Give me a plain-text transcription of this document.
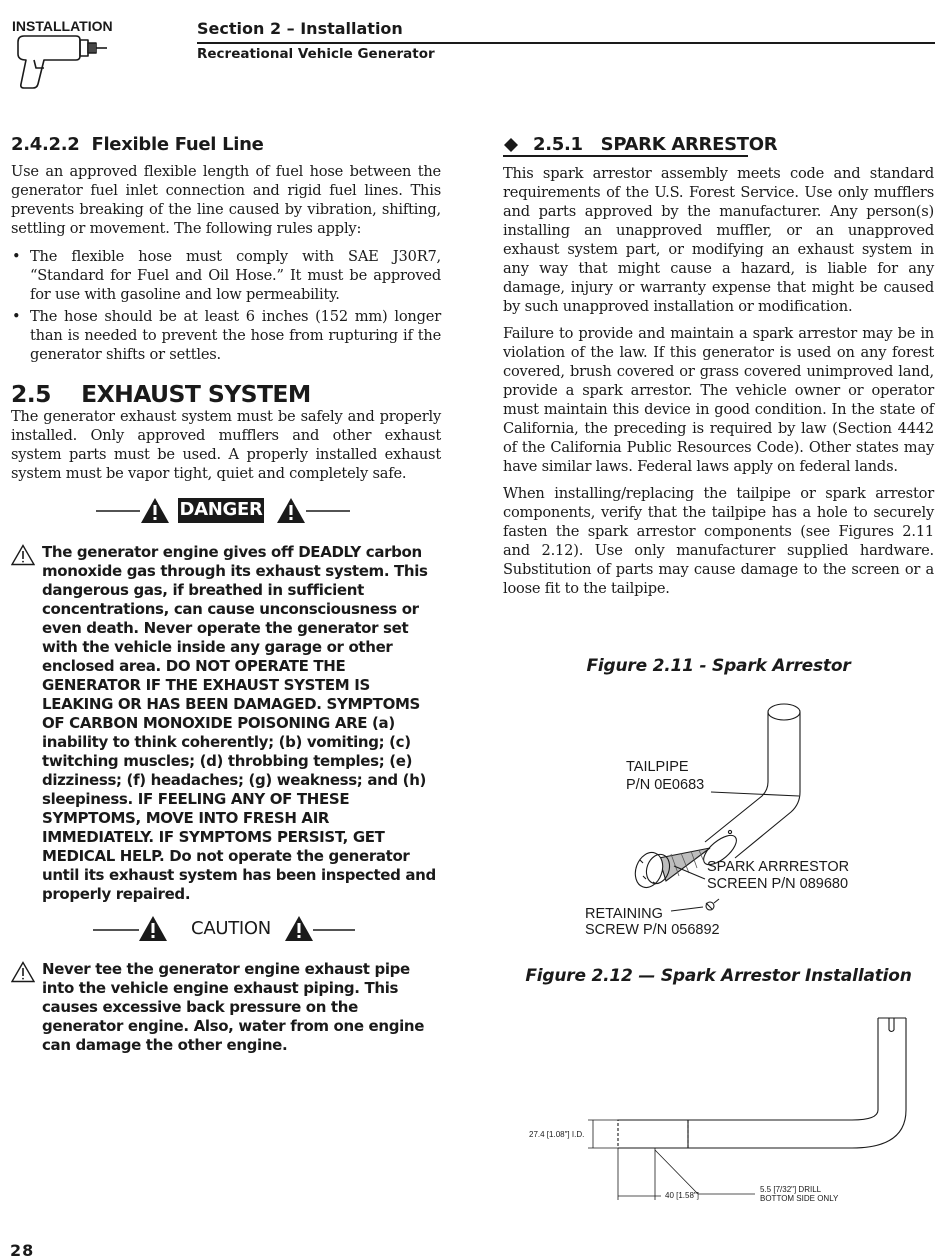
INSTALLATION	Section 2 – Installation
Recreational Vehicle Generator
2.4.2.2  Flexible Fuel Line

Use an approved flexible length of fuel hose between the generator fuel inlet connection and rigid fuel lines. This prevents breaking of the line caused by vibration, shifting, settling or movement. The following rules apply:

• The flexible hose must comply with SAE J30R7, “Standard for Fuel and Oil Hose.” It must be approved for use with gasoline and low permeability.
• The hose should be at least 6 inches (152 mm) longer than is needed to prevent the hose from rupturing if the generator shifts or settles.
2.5    EXHAUST SYSTEM

The generator exhaust system must be safely and properly installed. Only approved mufflers and other exhaust system parts must be used. A properly installed exhaust system must be vapor tight, quiet and completely safe.

DANGER
The generator engine gives off DEADLY carbon monoxide gas through its exhaust system. This dangerous gas, if breathed in sufficient concentrations, can cause unconsciousness or even death. Never operate the generator set with the vehicle inside any garage or other enclosed area. DO NOT OPERATE THE GENERATOR IF THE EXHAUST SYSTEM IS LEAKING OR HAS BEEN DAMAGED. SYMPTOMS OF CARBON MONOXIDE POISONING ARE (a) inability to think coherently; (b) vomiting; (c) twitching muscles; (d) throbbing temples; (e) dizziness; (f) headaches; (g) weakness; and (h) sleepiness. IF FEELING ANY OF THESE SYMPTOMS, MOVE INTO FRESH AIR IMMEDIATELY. IF SYMPTOMS PERSIST, GET MEDICAL HELP. Do not operate the generator until its exhaust system has been inspected and properly repaired.
CAUTION
Never tee the generator engine exhaust pipe into the vehicle engine exhaust piping. This causes excessive back pressure on the generator engine. Also, water from one engine can damage the other engine.
2.5.1   SPARK ARRESTOR

This spark arrestor assembly meets code and standard requirements of the U.S. Forest Service. Use only mufflers and parts approved by the manufacturer. Any person(s) installing an unapproved muffler, or an unapproved exhaust system part, or modifying an exhaust system in any way that might cause a hazard, is liable for any damage, injury or warranty expense that might be caused by such unapproved installation or modification.

Failure to provide and maintain a spark arrestor may be in violation of the law. If this generator is used on any forest covered, brush covered or grass covered unimproved land, provide a spark arrestor. The vehicle owner or operator must maintain this device in good condition. In the state of California, the preceding is required by law (Section 4442 of the California Public Resources Code). Other states may have similar laws. Federal laws apply on federal lands.

When installing/replacing the tailpipe or spark arrestor components, verify that the tailpipe has a hole to securely fasten the spark arrestor components (see Figures 2.11 and 2.12). Use only manufacturer supplied hardware. Substitution of parts may cause damage to the screen or a loose fit to the tailpipe.

Figure 2.11 - Spark Arrestor
TAILPIPE
P/N 0E0683
SPARK ARRRESTOR
SCREEN P/N 089680
RETAINING
SCREW P/N 056892
Figure 2.12 — Spark Arrestor Installation
27.4 [1.08"] I.D.
40 [1.58"]
5.5 [7/32"] DRILL
BOTTOM SIDE ONLY
28
